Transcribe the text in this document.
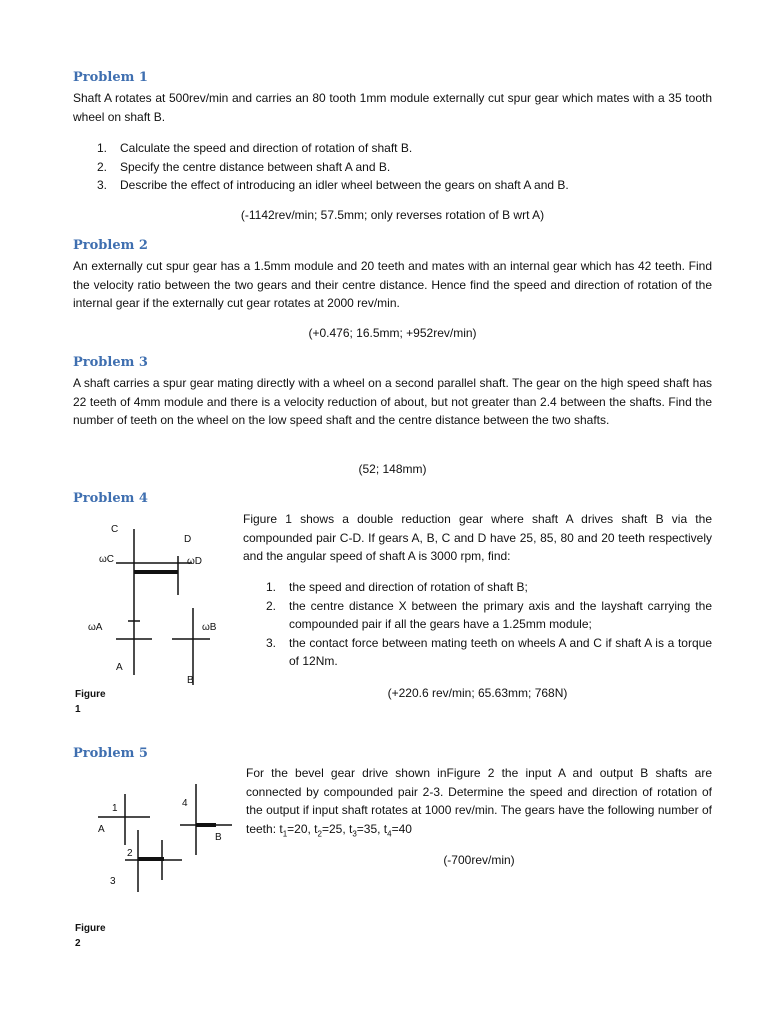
Problem 1

Shaft A rotates at 500rev/min and carries an 80 tooth 1mm module externally cut spur gear which mates with a 35 tooth wheel on shaft B.

1. Calculate the speed and direction of rotation of shaft B.
2. Specify the centre distance between shaft A and B.
3. Describe the effect of introducing an idler wheel between the gears on shaft A and B.

(-1142rev/min; 57.5mm; only reverses rotation of B wrt A)

Problem 2

An externally cut spur gear has a 1.5mm module and 20 teeth and mates with an internal gear which has 42 teeth. Find the velocity ratio between the two gears and their centre distance. Hence find the speed and direction of rotation of the internal gear if the externally cut gear rotates at 2000 rev/min.

(+0.476; 16.5mm; +952rev/min)

Problem 3

A shaft carries a spur gear mating directly with a wheel on a second parallel shaft. The gear on the high speed shaft has 22 teeth of 4mm module and there is a velocity reduction of about, but not greater than 2.4 between the shafts. Find the number of teeth on the wheel on the low speed shaft and the centre distance between the two shafts.

(52; 148mm)

Problem 4
C
D
ωC	ωD
ωA	ωB
A
B
Figure
1

Figure 1 shows a double reduction gear where shaft A drives shaft B via the compounded pair C-D. If gears A, B, C and D have 25, 85, 80 and 20 teeth respectively and the angular speed of shaft A is 3000 rpm, find:

1. the speed and direction of rotation of shaft B;
2. the centre distance X between the primary axis and the layshaft carrying the compounded pair if all the gears have a 1.25mm module;
3. the contact force between mating teeth on wheels A and C if shaft A is a torque of 12Nm.

(+220.6 rev/min; 65.63mm; 768N)

Problem 5
1
A
2
3
4
B
Figure
2

For the bevel gear drive shown inFigure 2 the input A and output B shafts are connected by compounded pair 2-3. Determine the speed and direction of rotation of the output if input shaft rotates at 1000 rev/min. The gears have the following number of teeth: $t_1=20$, $t_2=25$, $t_3=35$, $t_4=40$

(-700rev/min)
